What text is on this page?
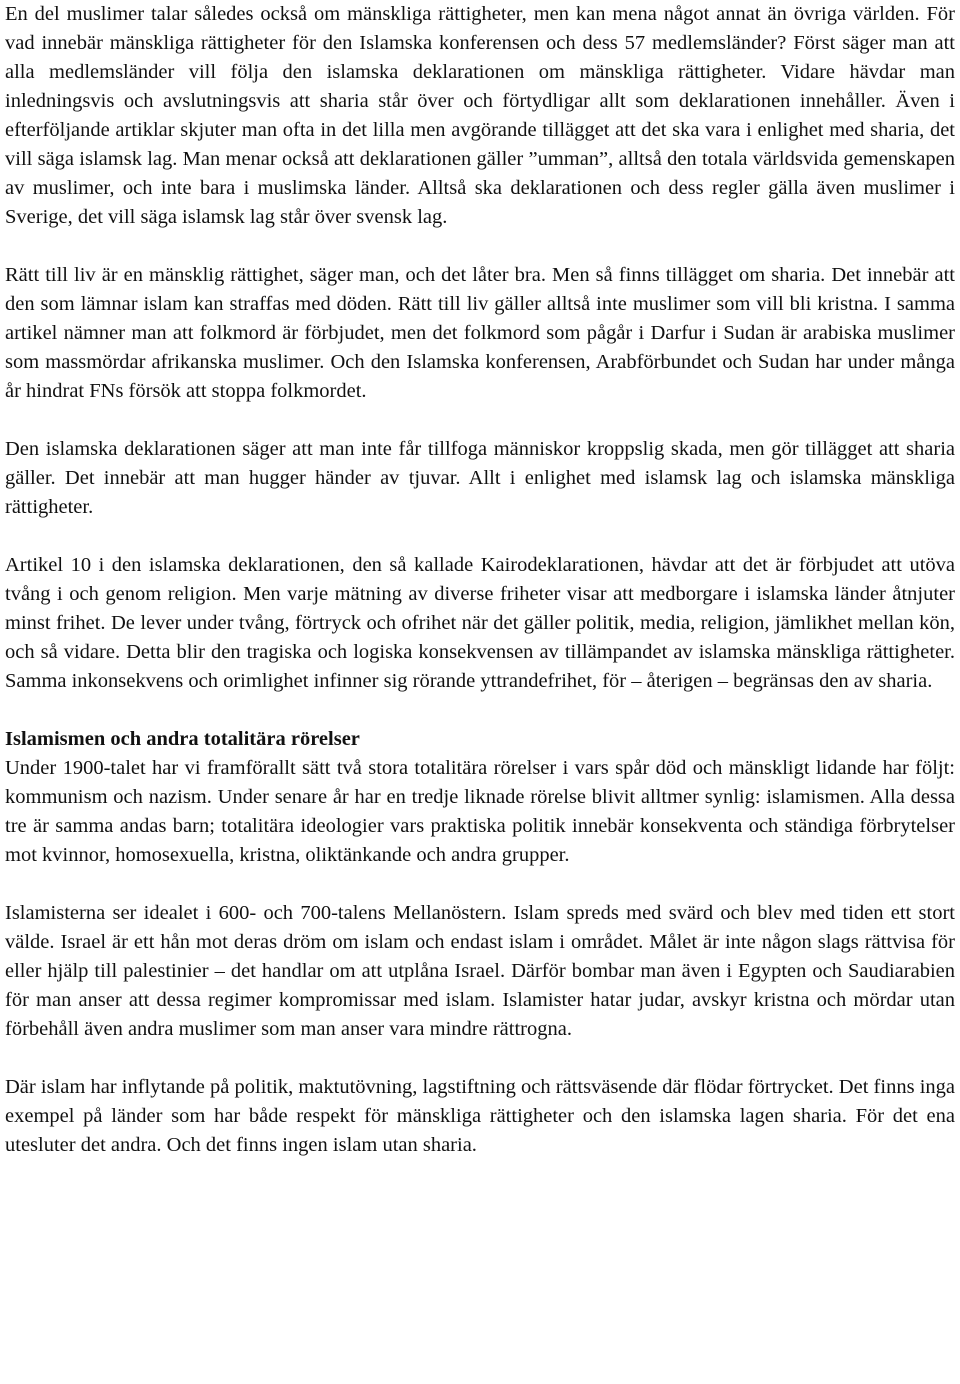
En del muslimer talar således också om mänskliga rättigheter, men kan mena något annat än övriga världen. För vad innebär mänskliga rättigheter för den Islamska konferensen och dess 57 medlemsländer? Först säger man att alla medlemsländer vill följa den islamska deklarationen om mänskliga rättigheter. Vidare hävdar man inledningsvis och avslutningsvis att sharia står över och förtydligar allt som deklarationen innehåller. Även i efterföljande artiklar skjuter man ofta in det lilla men avgörande tillägget att det ska vara i enlighet med sharia, det vill säga islamsk lag. Man menar också att deklarationen gäller ”umman”, alltså den totala världsvida gemenskapen av muslimer, och inte bara i muslimska länder. Alltså ska deklarationen och dess regler gälla även muslimer i Sverige, det vill säga islamsk lag står över svensk lag.

Rätt till liv är en mänsklig rättighet, säger man, och det låter bra. Men så finns tillägget om sharia. Det innebär att den som lämnar islam kan straffas med döden. Rätt till liv gäller alltså inte muslimer som vill bli kristna. I samma artikel nämner man att folkmord är förbjudet, men det folkmord som pågår i Darfur i Sudan är arabiska muslimer som massmördar afrikanska muslimer. Och den Islamska konferensen, Arabförbundet och Sudan har under många år hindrat FNs försök att stoppa folkmordet.

Den islamska deklarationen säger att man inte får tillfoga människor kroppslig skada, men gör tillägget att sharia gäller. Det innebär att man hugger händer av tjuvar. Allt i enlighet med islamsk lag och islamska mänskliga rättigheter.

Artikel 10 i den islamska deklarationen, den så kallade Kairodeklarationen, hävdar att det är förbjudet att utöva tvång i och genom religion. Men varje mätning av diverse friheter visar att medborgare i islamska länder åtnjuter minst frihet. De lever under tvång, förtryck och ofrihet när det gäller politik, media, religion, jämlikhet mellan kön, och så vidare. Detta blir den tragiska och logiska konsekvensen av tillämpandet av islamska mänskliga rättigheter. Samma inkonsekvens och orimlighet infinner sig rörande yttrandefrihet, för – återigen – begränsas den av sharia.

Islamismen och andra totalitära rörelser

Under 1900-talet har vi framförallt sätt två stora totalitära rörelser i vars spår död och mänskligt lidande har följt: kommunism och nazism. Under senare år har en tredje liknade rörelse blivit alltmer synlig: islamismen. Alla dessa tre är samma andas barn; totalitära ideologier vars praktiska politik innebär konsekventa och ständiga förbrytelser mot kvinnor, homosexuella, kristna, oliktänkande och andra grupper.

Islamisterna ser idealet i 600- och 700-talens Mellanöstern. Islam spreds med svärd och blev med tiden ett stort välde. Israel är ett hån mot deras dröm om islam och endast islam i området. Målet är inte någon slags rättvisa för eller hjälp till palestinier – det handlar om att utplåna Israel. Därför bombar man även i Egypten och Saudiarabien för man anser att dessa regimer kompromissar med islam. Islamister hatar judar, avskyr kristna och mördar utan förbehåll även andra muslimer som man anser vara mindre rättrogna.

Där islam har inflytande på politik, maktutövning, lagstiftning och rättsväsende där flödar förtrycket. Det finns inga exempel på länder som har både respekt för mänskliga rättigheter och den islamska lagen sharia. För det ena utesluter det andra. Och det finns ingen islam utan sharia.
